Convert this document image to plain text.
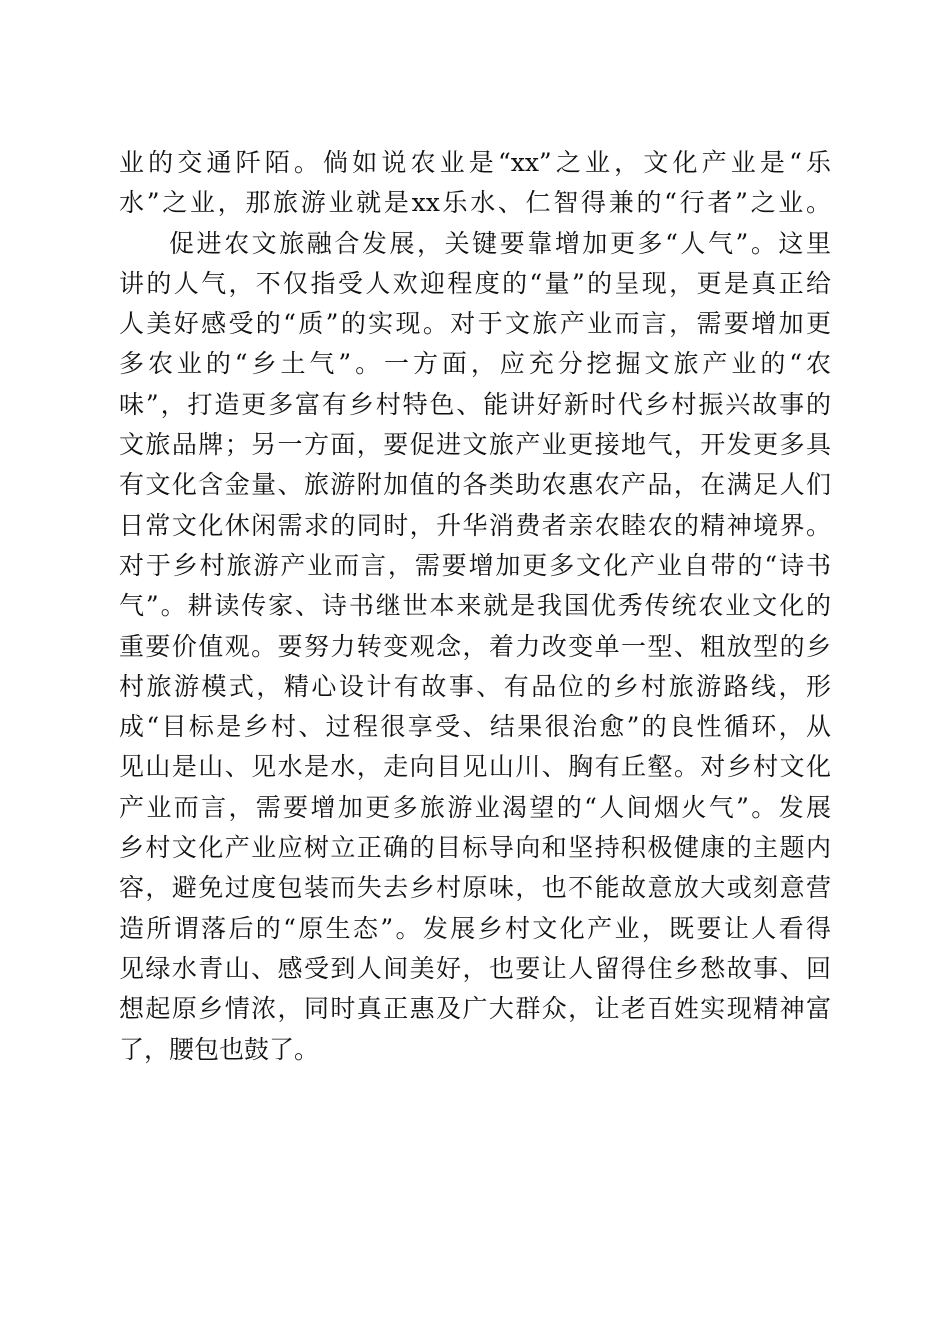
业的交通阡陌。倘如说农业是“xx”之业，文化产业是“乐
水”之业，那旅游业就是xx乐水、仁智得兼的“行者”之业。
促进农文旅融合发展，关键要靠增加更多“人气”。这里
讲的人气，不仅指受人欢迎程度的“量”的呈现，更是真正给
人美好感受的“质”的实现。对于文旅产业而言，需要增加更
多农业的“乡土气”。一方面，应充分挖掘文旅产业的“农
味”，打造更多富有乡村特色、能讲好新时代乡村振兴故事的
文旅品牌；另一方面，要促进文旅产业更接地气，开发更多具
有文化含金量、旅游附加值的各类助农惠农产品，在满足人们
日常文化休闲需求的同时，升华消费者亲农睦农的精神境界。
对于乡村旅游产业而言，需要增加更多文化产业自带的“诗书
气”。耕读传家、诗书继世本来就是我国优秀传统农业文化的
重要价值观。要努力转变观念，着力改变单一型、粗放型的乡
村旅游模式，精心设计有故事、有品位的乡村旅游路线，形
成“目标是乡村、过程很享受、结果很治愈”的良性循环，从
见山是山、见水是水，走向目见山川、胸有丘壑。对乡村文化
产业而言，需要增加更多旅游业渴望的“人间烟火气”。发展
乡村文化产业应树立正确的目标导向和坚持积极健康的主题内
容，避免过度包装而失去乡村原味，也不能故意放大或刻意营
造所谓落后的“原生态”。发展乡村文化产业，既要让人看得
见绿水青山、感受到人间美好，也要让人留得住乡愁故事、回
想起原乡情浓，同时真正惠及广大群众，让老百姓实现精神富
了，腰包也鼓了。
